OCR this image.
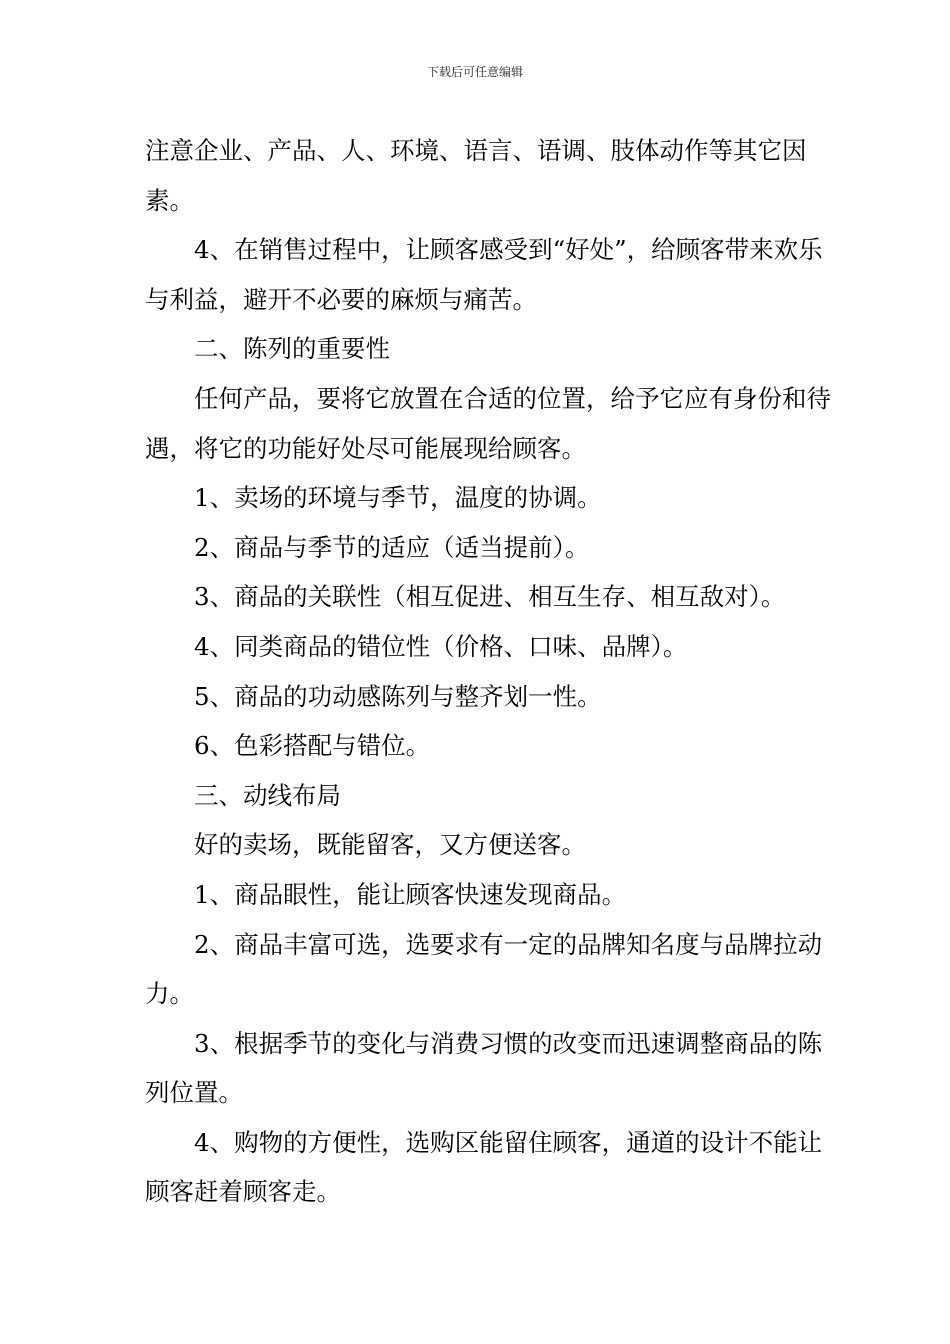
下载后可任意编辑

注意企业、产品、人、环境、语言、语调、肢体动作等其它因素。

4、在销售过程中，让顾客感受到“好处”，给顾客带来欢乐与利益，避开不必要的麻烦与痛苦。

二、陈列的重要性

任何产品，要将它放置在合适的位置，给予它应有身份和待遇，将它的功能好处尽可能展现给顾客。

1、卖场的环境与季节，温度的协调。

2、商品与季节的适应（适当提前）。

3、商品的关联性（相互促进、相互生存、相互敌对）。

4、同类商品的错位性（价格、口味、品牌）。

5、商品的功动感陈列与整齐划一性。

6、色彩搭配与错位。

三、动线布局

好的卖场，既能留客，又方便送客。

1、商品眼性，能让顾客快速发现商品。

2、商品丰富可选，选要求有一定的品牌知名度与品牌拉动力。

3、根据季节的变化与消费习惯的改变而迅速调整商品的陈列位置。

4、购物的方便性，选购区能留住顾客，通道的设计不能让顾客赶着顾客走。
